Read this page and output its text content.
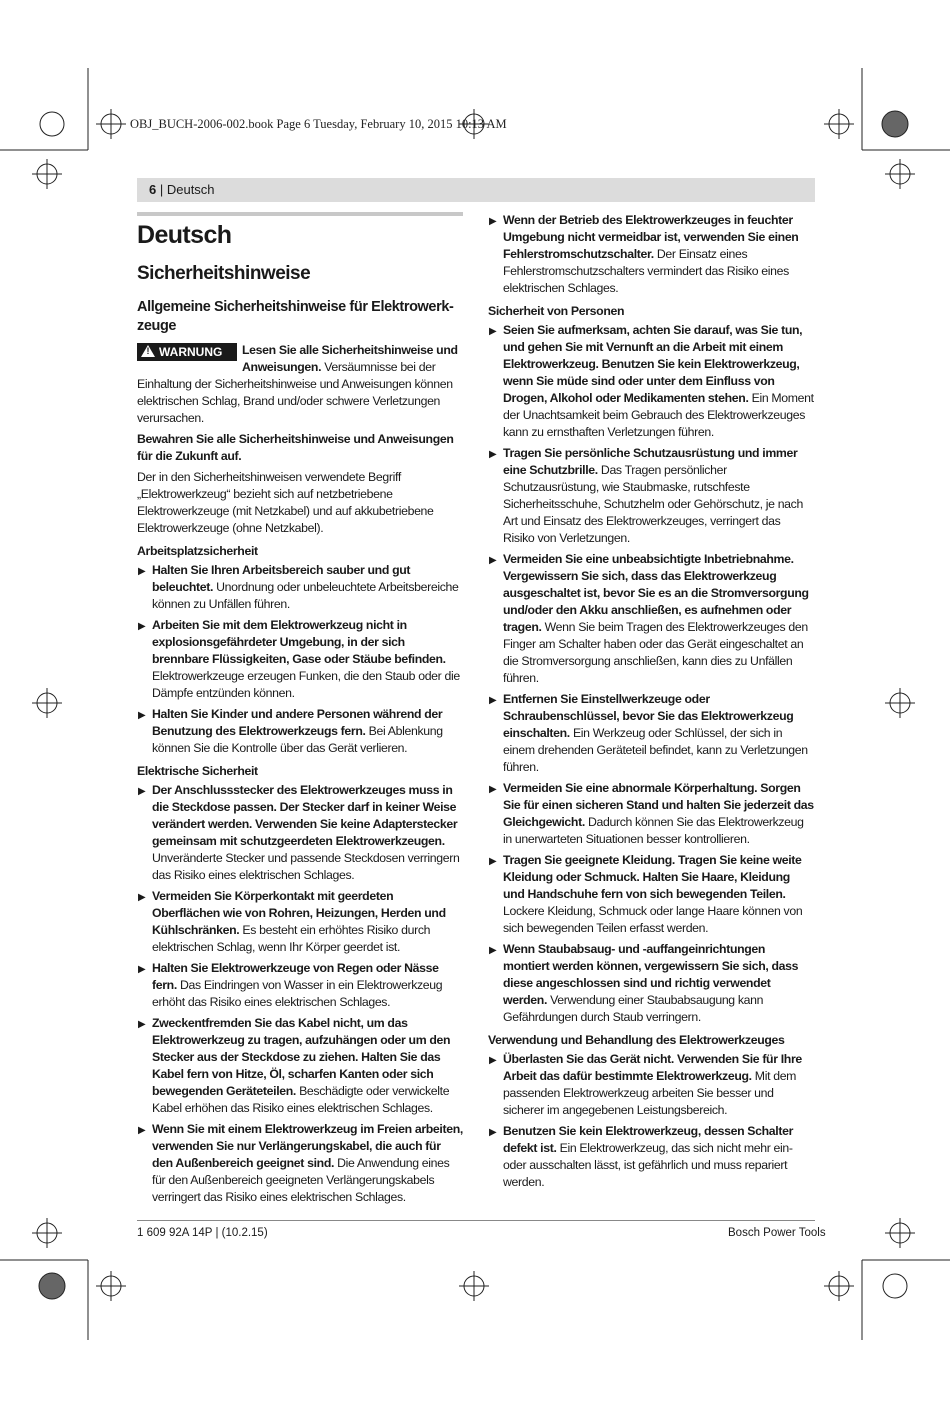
OBJ_BUCH-2006-002.book Page 6 Tuesday, February 10, 2015 10:13 AM
6 | Deutsch
Deutsch
Sicherheitshinweise
Allgemeine Sicherheitshinweise für Elektrowerk-zeuge

! WARNUNG	Lesen Sie alle Sicherheitshinweise und Anweisungen. Versäumnisse bei der Einhaltung der Sicherheitshinweise und Anweisungen können elektrischen Schlag, Brand und/oder schwere Verletzungen verursachen.

Bewahren Sie alle Sicherheitshinweise und Anweisungen für die Zukunft auf.

Der in den Sicherheitshinweisen verwendete Begriff „Elektrowerkzeug“ bezieht sich auf netzbetriebene Elektrowerkzeuge (mit Netzkabel) und auf akkubetriebene Elektrowerkzeuge (ohne Netzkabel).

Arbeitsplatzsicherheit
▶ Halten Sie Ihren Arbeitsbereich sauber und gut beleuchtet. Unordnung oder unbeleuchtete Arbeitsbereiche können zu Unfällen führen.
▶ Arbeiten Sie mit dem Elektrowerkzeug nicht in explosionsgefährdeter Umgebung, in der sich brennbare Flüssigkeiten, Gase oder Stäube befinden. Elektrowerkzeuge erzeugen Funken, die den Staub oder die Dämpfe entzünden können.
▶ Halten Sie Kinder und andere Personen während der Benutzung des Elektrowerkzeugs fern. Bei Ablenkung können Sie die Kontrolle über das Gerät verlieren.
Elektrische Sicherheit
▶ Der Anschlussstecker des Elektrowerkzeuges muss in die Steckdose passen. Der Stecker darf in keiner Weise verändert werden. Verwenden Sie keine Adapterstecker gemeinsam mit schutzgeerdeten Elektrowerkzeugen. Unveränderte Stecker und passende Steckdosen verringern das Risiko eines elektrischen Schlages.
▶ Vermeiden Sie Körperkontakt mit geerdeten Oberflächen wie von Rohren, Heizungen, Herden und Kühlschränken. Es besteht ein erhöhtes Risiko durch elektrischen Schlag, wenn Ihr Körper geerdet ist.
▶ Halten Sie Elektrowerkzeuge von Regen oder Nässe fern. Das Eindringen von Wasser in ein Elektrowerkzeug erhöht das Risiko eines elektrischen Schlages.
▶ Zweckentfremden Sie das Kabel nicht, um das Elektrowerkzeug zu tragen, aufzuhängen oder um den Stecker aus der Steckdose zu ziehen. Halten Sie das Kabel fern von Hitze, Öl, scharfen Kanten oder sich bewegenden Geräteteilen. Beschädigte oder verwickelte Kabel erhöhen das Risiko eines elektrischen Schlages.
▶ Wenn Sie mit einem Elektrowerkzeug im Freien arbeiten, verwenden Sie nur Verlängerungskabel, die auch für den Außenbereich geeignet sind. Die Anwendung eines für den Außenbereich geeigneten Verlängerungskabels verringert das Risiko eines elektrischen Schlages.
▶ Wenn der Betrieb des Elektrowerkzeuges in feuchter Umgebung nicht vermeidbar ist, verwenden Sie einen Fehlerstromschutzschalter. Der Einsatz eines Fehlerstromschutzschalters vermindert das Risiko eines elektrischen Schlages.
Sicherheit von Personen
▶ Seien Sie aufmerksam, achten Sie darauf, was Sie tun, und gehen Sie mit Vernunft an die Arbeit mit einem Elektrowerkzeug. Benutzen Sie kein Elektrowerkzeug, wenn Sie müde sind oder unter dem Einfluss von Drogen, Alkohol oder Medikamenten stehen. Ein Moment der Unachtsamkeit beim Gebrauch des Elektrowerkzeuges kann zu ernsthaften Verletzungen führen.
▶ Tragen Sie persönliche Schutzausrüstung und immer eine Schutzbrille. Das Tragen persönlicher Schutzausrüstung, wie Staubmaske, rutschfeste Sicherheitsschuhe, Schutzhelm oder Gehörschutz, je nach Art und Einsatz des Elektrowerkzeuges, verringert das Risiko von Verletzungen.
▶ Vermeiden Sie eine unbeabsichtigte Inbetriebnahme. Vergewissern Sie sich, dass das Elektrowerkzeug ausgeschaltet ist, bevor Sie es an die Stromversorgung und/oder den Akku anschließen, es aufnehmen oder tragen. Wenn Sie beim Tragen des Elektrowerkzeuges den Finger am Schalter haben oder das Gerät eingeschaltet an die Stromversorgung anschließen, kann dies zu Unfällen führen.
▶ Entfernen Sie Einstellwerkzeuge oder Schraubenschlüssel, bevor Sie das Elektrowerkzeug einschalten. Ein Werkzeug oder Schlüssel, der sich in einem drehenden Geräteteil befindet, kann zu Verletzungen führen.
▶ Vermeiden Sie eine abnormale Körperhaltung. Sorgen Sie für einen sicheren Stand und halten Sie jederzeit das Gleichgewicht. Dadurch können Sie das Elektrowerkzeug in unerwarteten Situationen besser kontrollieren.
▶ Tragen Sie geeignete Kleidung. Tragen Sie keine weite Kleidung oder Schmuck. Halten Sie Haare, Kleidung und Handschuhe fern von sich bewegenden Teilen. Lockere Kleidung, Schmuck oder lange Haare können von sich bewegenden Teilen erfasst werden.
▶ Wenn Staubabsaug- und -auffangeinrichtungen montiert werden können, vergewissern Sie sich, dass diese angeschlossen sind und richtig verwendet werden. Verwendung einer Staubabsaugung kann Gefährdungen durch Staub verringern.
Verwendung und Behandlung des Elektrowerkzeuges
▶ Überlasten Sie das Gerät nicht. Verwenden Sie für Ihre Arbeit das dafür bestimmte Elektrowerkzeug. Mit dem passenden Elektrowerkzeug arbeiten Sie besser und sicherer im angegebenen Leistungsbereich.
▶ Benutzen Sie kein Elektrowerkzeug, dessen Schalter defekt ist. Ein Elektrowerkzeug, das sich nicht mehr ein- oder ausschalten lässt, ist gefährlich und muss repariert werden.
1 609 92A 14P | (10.2.15)	Bosch Power Tools
